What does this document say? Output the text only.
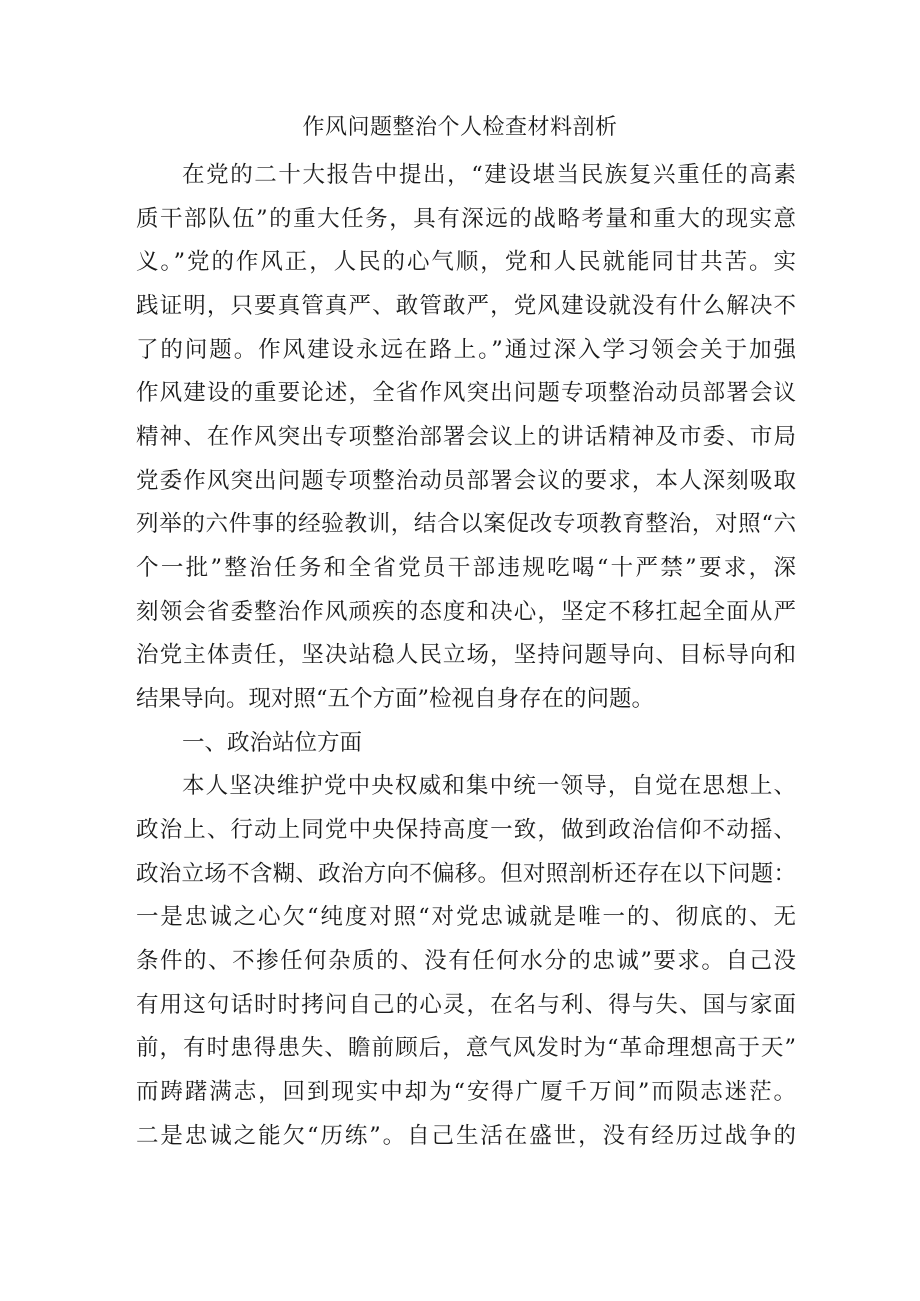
作风问题整治个人检查材料剖析
在党的二十大报告中提出，“建设堪当民族复兴重任的高素
质干部队伍”的重大任务，具有深远的战略考量和重大的现实意
义。”党的作风正，人民的心气顺，党和人民就能同甘共苦。实
践证明，只要真管真严、敢管敢严，党风建设就没有什么解决不
了的问题。作风建设永远在路上。”通过深入学习领会关于加强
作风建设的重要论述，全省作风突出问题专项整治动员部署会议
精神、在作风突出专项整治部署会议上的讲话精神及市委、市局
党委作风突出问题专项整治动员部署会议的要求，本人深刻吸取
列举的六件事的经验教训，结合以案促改专项教育整治，对照“六
个一批”整治任务和全省党员干部违规吃喝“十严禁”要求，深
刻领会省委整治作风顽疾的态度和决心，坚定不移扛起全面从严
治党主体责任，坚决站稳人民立场，坚持问题导向、目标导向和
结果导向。现对照“五个方面”检视自身存在的问题。
一、政治站位方面
本人坚决维护党中央权威和集中统一领导，自觉在思想上、
政治上、行动上同党中央保持高度一致，做到政治信仰不动摇、
政治立场不含糊、政治方向不偏移。但对照剖析还存在以下问题：
一是忠诚之心欠“纯度对照“对党忠诚就是唯一的、彻底的、无
条件的、不掺任何杂质的、没有任何水分的忠诚”要求。自己没
有用这句话时时拷问自己的心灵，在名与利、得与失、国与家面
前，有时患得患失、瞻前顾后，意气风发时为“革命理想高于天”
而踌躇满志，回到现实中却为“安得广厦千万间”而陨志迷茫。
二是忠诚之能欠“历练”。自己生活在盛世，没有经历过战争的
